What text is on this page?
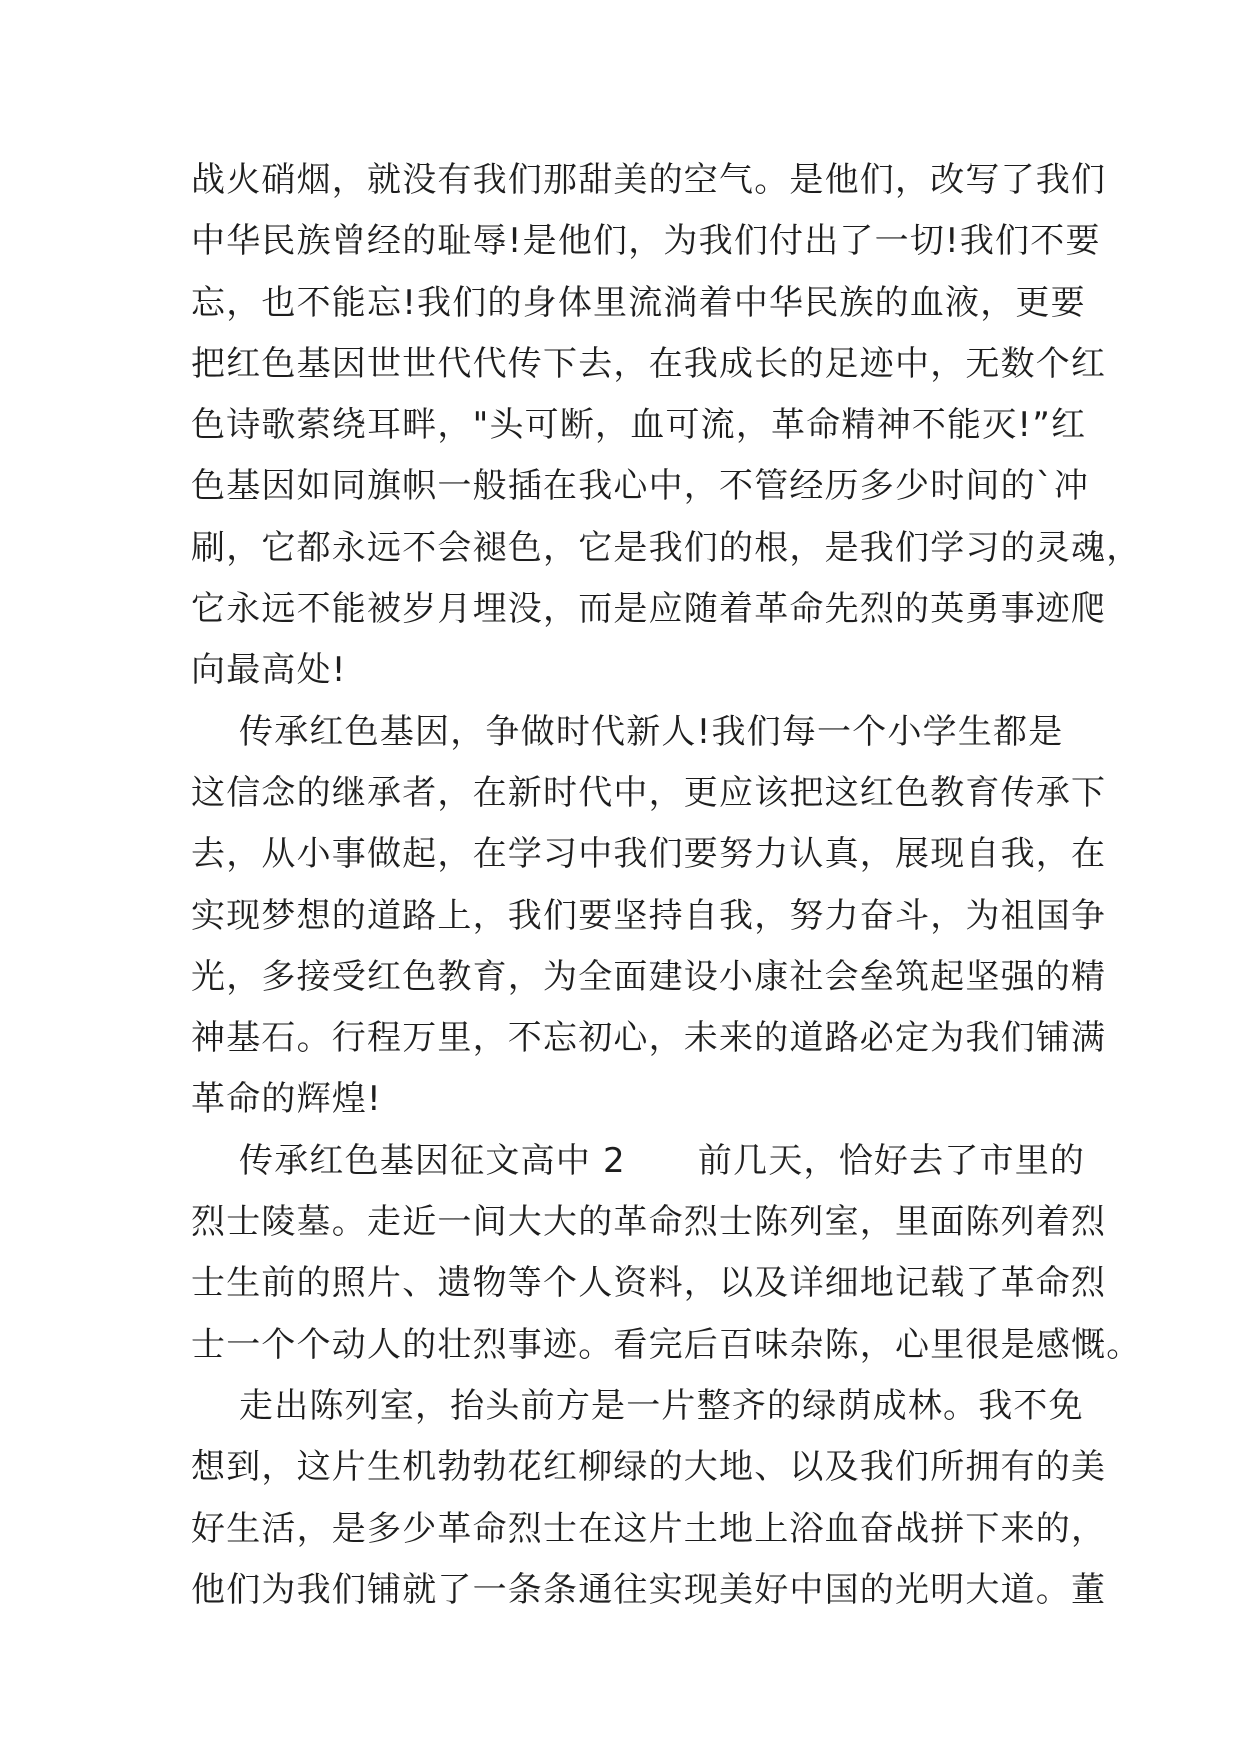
战火硝烟，就没有我们那甜美的空气。是他们，改写了我们
中华民族曾经的耻辱!是他们，为我们付出了一切!我们不要
忘，也不能忘!我们的身体里流淌着中华民族的血液，更要
把红色基因世世代代传下去，在我成长的足迹中，无数个红
色诗歌萦绕耳畔，"头可断，血可流，革命精神不能灭!”红
色基因如同旗帜一般插在我心中，不管经历多少时间的`冲
刷，它都永远不会褪色，它是我们的根，是我们学习的灵魂，
它永远不能被岁月埋没，而是应随着革命先烈的英勇事迹爬
向最高处!
传承红色基因，争做时代新人!我们每一个小学生都是
这信念的继承者，在新时代中，更应该把这红色教育传承下
去，从小事做起，在学习中我们要努力认真，展现自我，在
实现梦想的道路上，我们要坚持自我，努力奋斗，为祖国争
光，多接受红色教育，为全面建设小康社会垒筑起坚强的精
神基石。行程万里，不忘初心，未来的道路必定为我们铺满
革命的辉煌!
传承红色基因征文高中 2      前几天，恰好去了市里的
烈士陵墓。走近一间大大的革命烈士陈列室，里面陈列着烈
士生前的照片、遗物等个人资料，以及详细地记载了革命烈
士一个个动人的壮烈事迹。看完后百味杂陈，心里很是感慨。
走出陈列室，抬头前方是一片整齐的绿荫成林。我不免
想到，这片生机勃勃花红柳绿的大地、以及我们所拥有的美
好生活，是多少革命烈士在这片土地上浴血奋战拼下来的，
他们为我们铺就了一条条通往实现美好中国的光明大道。董
